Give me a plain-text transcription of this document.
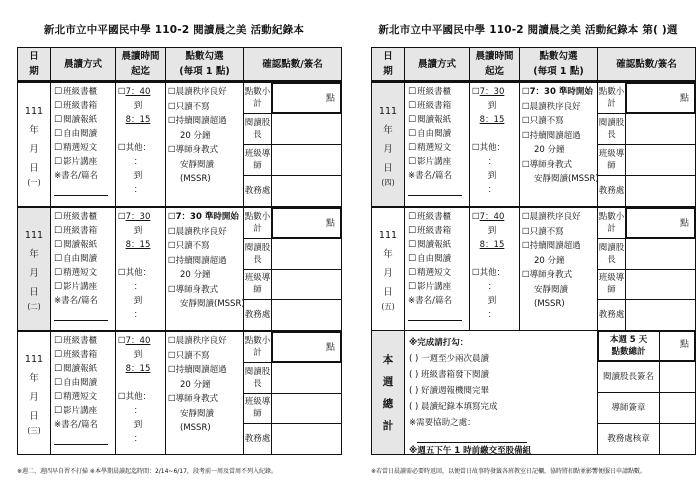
新北市立中平國民中學 110-2 閱讀晨之美 活動紀錄本
日
期
晨讀方式
晨讀時間
起迄
點數勾選
(每項 1 點)
確認點數/簽名
111
年
月
日
(一)
☐ 班級書櫃
☐ 班級書箱
☐ 閱讀報紙
☐ 自由閱讀
☐ 精選短文
☐ 影片講座
※書名/篇名
☐7：40
到
8：15
☐其他：
：
到
：
☐晨讀秩序良好
☐只讀不寫
☐持續閱讀超過
20 分鐘
☐導師身教式
安靜閱讀
(MSSR)
點數小計
閱讀股長
班級導師
教務處
點
111
年
月
日
(二)
☐ 班級書櫃
☐ 班級書箱
☐ 閱讀報紙
☐ 自由閱讀
☐ 精選短文
☐ 影片講座
※書名/篇名
☐7：30
到
8：15
☐其他：
：
到
：
☐7：30 準時開始
☐晨讀秩序良好
☐只讀不寫
☐持續閱讀超過
20 分鐘
☐導師身教式
安靜閱讀(MSSR)
點數小計
閱讀股長
班級導師
教務處
點
111
年
月
日
(三)
☐ 班級書櫃
☐ 班級書箱
☐ 閱讀報紙
☐ 自由閱讀
☐ 精選短文
☐ 影片講座
※書名/篇名
☐7：40
到
8：15
☐其他：
：
到
：
☐晨讀秩序良好
☐只讀不寫
☐持續閱讀超過
20 分鐘
☐導師身教式
安靜閱讀
(MSSR)
點數小計
閱讀股長
班級導師
教務處
點
※週二、週四早自習不打掃 ※本學期晨讀起迄時間：2/14~6/17，段考前一周及當周不列入紀錄。
新北市立中平國民中學 110-2 閱讀晨之美 活動紀錄本 第( )週
日
期
晨讀方式
晨讀時間
起迄
點數勾選
(每項 1 點)
確認點數/簽名
111
年
月
日
(四)
☐ 班級書櫃
☐ 班級書箱
☐ 閱讀報紙
☐ 自由閱讀
☐ 精選短文
☐ 影片講座
※書名/篇名
☐7：30
到
8：15
☐其他：
：
到
：
☐7：30 準時開始
☐晨讀秩序良好
☐只讀不寫
☐持續閱讀超過
20 分鐘
☐導師身教式
安靜閱讀(MSSR)
點數小計
閱讀股長
班級導師
教務處
點
111
年
月
日
(五)
☐ 班級書櫃
☐ 班級書箱
☐ 閱讀報紙
☐ 自由閱讀
☐ 精選短文
☐ 影片講座
※書名/篇名
☐7：40
到
8：15
☐其他：
：
到
：
☐晨讀秩序良好
☐只讀不寫
☐持續閱讀超過
20 分鐘
☐導師身教式
安靜閱讀
(MSSR)
點數小計
閱讀股長
班級導師
教務處
點
本
週
總
計
※完成請打勾：
( ) 一週至少兩次晨讀
( ) 班級書箱發下閱讀
( ) 好讀週報機閱完畢
( ) 晨讀紀錄本填寫完成
※需要協助之處：
※週五下午 1 時前繳交至股備組
本週 5 天
點數總計
點
閱讀股長簽名
導師簽章
教務處核章
※若當日晨讀需必要時返回，以便當日故事時發籤各班教室日記欄，協時將扣點並影響便服日申請點數。
